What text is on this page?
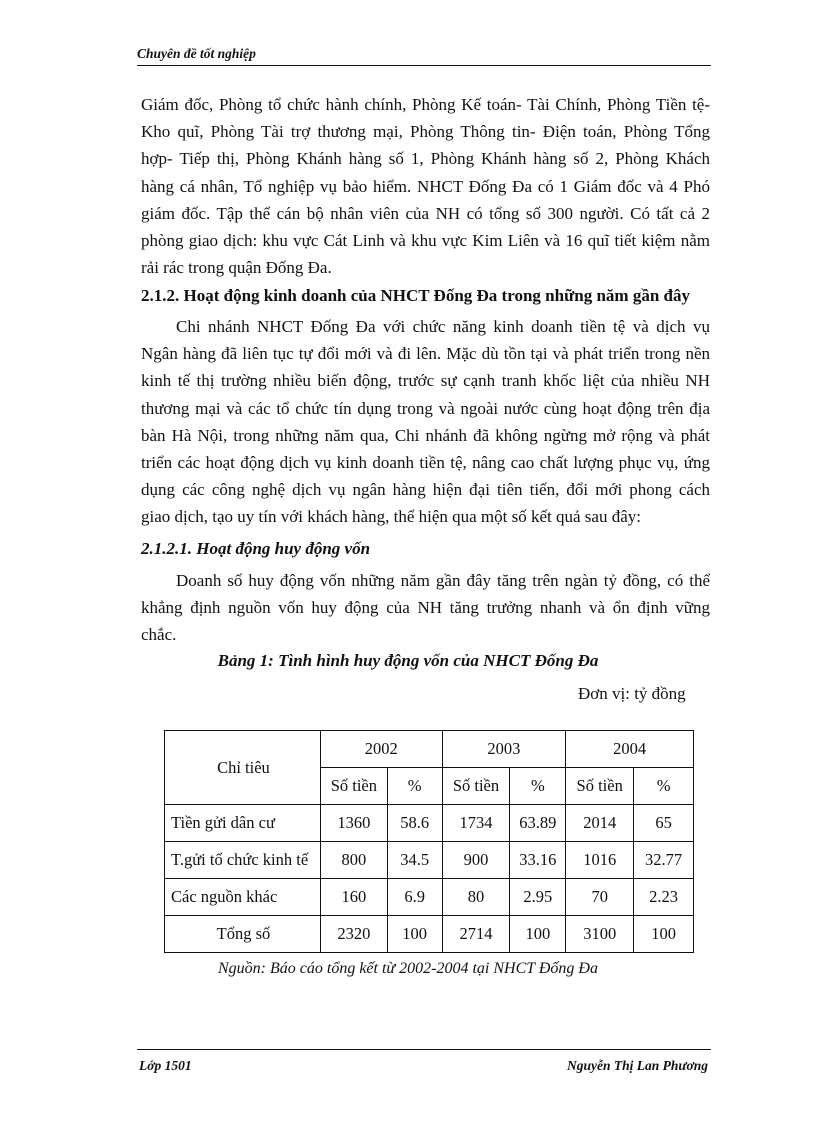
Chuyên đề tốt nghiệp
Giám đốc, Phòng tổ chức hành chính, Phòng Kế toán- Tài Chính, Phòng Tiền tệ-
Kho quĩ, Phòng Tài trợ thương mại, Phòng Thông tin- Điện toán, Phòng Tổng
hợp- Tiếp thị, Phòng Khánh hàng số 1, Phòng Khánh hàng số 2, Phòng Khách
hàng cá nhân, Tổ nghiệp vụ bảo hiểm. NHCT Đống Đa có 1 Giám đốc và 4 Phó
giám đốc. Tập thể cán bộ nhân viên của NH có tổng số 300 người. Có tất cả 2
phòng giao dịch: khu vực Cát Linh và khu vực Kim Liên và 16 quĩ tiết kiệm nằm
rải rác trong quận Đống Đa.
2.1.2. Hoạt động kinh doanh của NHCT Đống Đa trong những năm gần đây
Chi nhánh NHCT Đống Đa với chức năng kinh doanh tiền tệ và dịch vụ
Ngân hàng đã liên tục tự đổi mới và đi lên. Mặc dù tồn tại và phát triển trong nền
kinh tế thị trường nhiều biến động, trước sự cạnh tranh khốc liệt của nhiều NH
thương mại và các tổ chức tín dụng trong và ngoài nước cùng hoạt động trên địa
bàn Hà Nội, trong những năm qua, Chi nhánh đã không ngừng mở rộng và phát
triển các hoạt động dịch vụ kinh doanh tiền tệ, nâng cao chất lượng phục vụ, ứng
dụng các công nghệ dịch vụ ngân hàng hiện đại tiên tiến, đổi mới phong cách
giao dịch, tạo uy tín với khách hàng, thể hiện qua một số kết quả sau đây:
2.1.2.1. Hoạt động huy động vốn
Doanh số huy động vốn những năm gần đây tăng trên ngàn tỷ đồng, có thể
khẳng định nguồn vốn huy động của NH tăng trưởng nhanh và ổn định vững
chắc.
Bảng 1: Tình hình huy động vốn của NHCT Đống Đa
Đơn vị: tỷ đồng
Chỉ tiêu	2002		2003		2004	
	Số tiền	%	Số tiền	%	Số tiền	%
Tiền gửi dân cư	1360	58.6	1734	63.89	2014	65
T.gửi tổ chức kinh tế	800	34.5	900	33.16	1016	32.77
Các nguồn khác	160	6.9	80	2.95	70	2.23
Tổng số	2320	100	2714	100	3100	100
Nguồn: Báo cáo tổng kết từ 2002-2004 tại NHCT Đống Đa
Lớp 1501	Nguyễn Thị Lan Phương
